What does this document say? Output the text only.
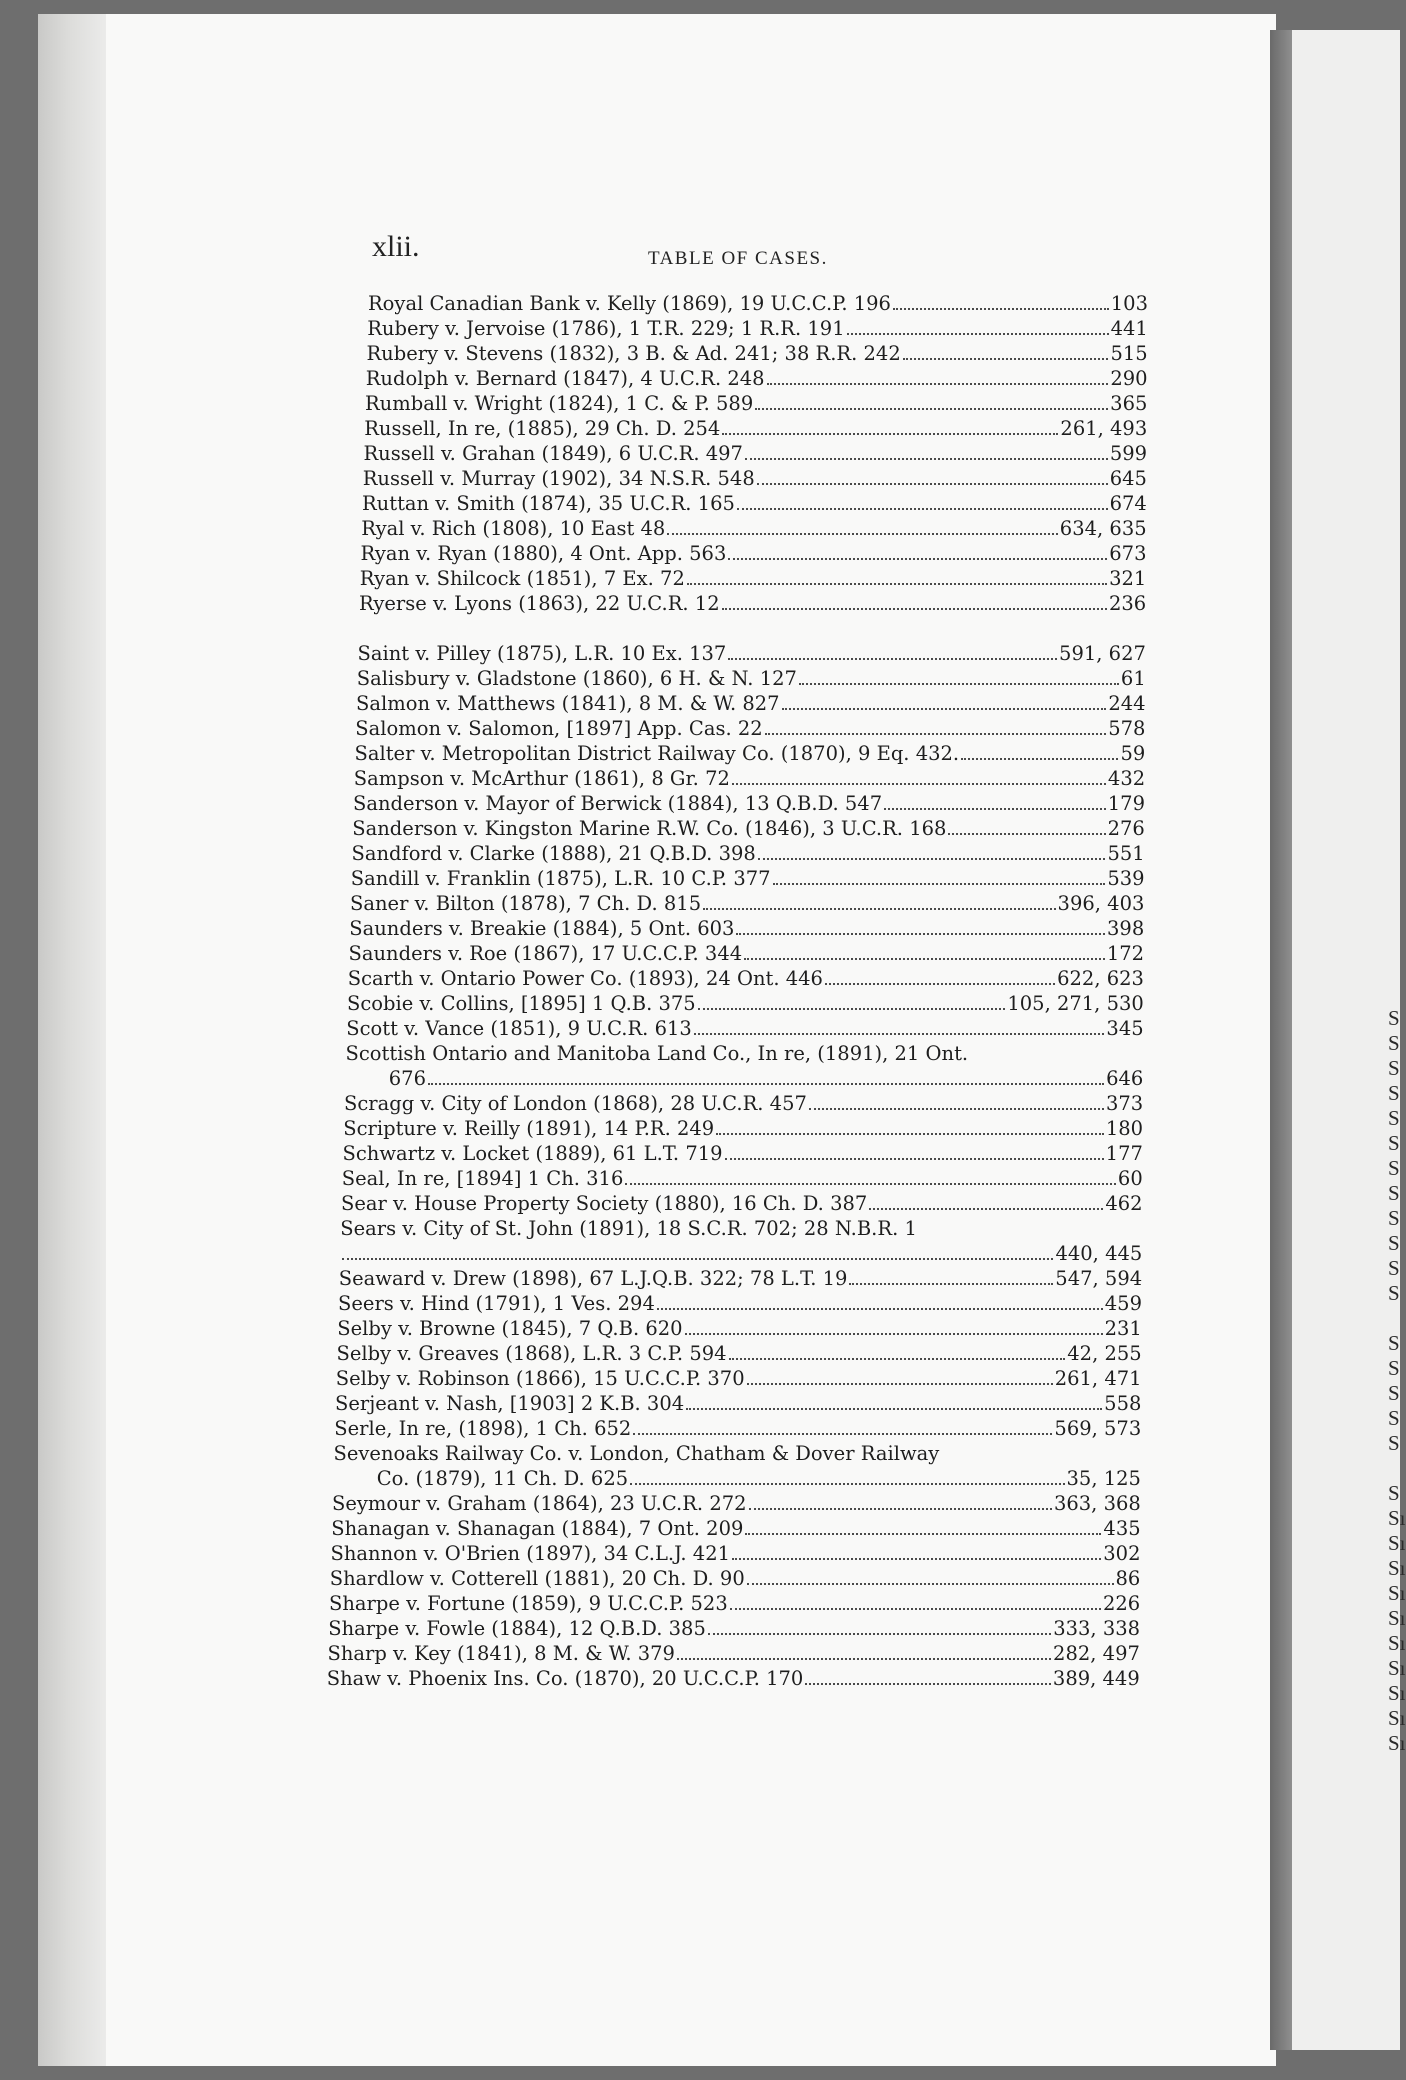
xlii.	TABLE OF CASES.
Royal Canadian Bank v. Kelly (1869), 19 U.C.C.P. 196	103
Rubery v. Jervoise (1786), 1 T.R. 229; 1 R.R. 191	441
Rubery v. Stevens (1832), 3 B. & Ad. 241; 38 R.R. 242	515
Rudolph v. Bernard (1847), 4 U.C.R. 248	290
Rumball v. Wright (1824), 1 C. & P. 589	365
Russell, In re, (1885), 29 Ch. D. 254	261, 493
Russell v. Grahan (1849), 6 U.C.R. 497	599
Russell v. Murray (1902), 34 N.S.R. 548	645
Ruttan v. Smith (1874), 35 U.C.R. 165	674
Ryal v. Rich (1808), 10 East 48	634, 635
Ryan v. Ryan (1880), 4 Ont. App. 563	673
Ryan v. Shilcock (1851), 7 Ex. 72	321
Ryerse v. Lyons (1863), 22 U.C.R. 12	236
Saint v. Pilley (1875), L.R. 10 Ex. 137	591, 627
Salisbury v. Gladstone (1860), 6 H. & N. 127	61
Salmon v. Matthews (1841), 8 M. & W. 827	244
Salomon v. Salomon, [1897] App. Cas. 22	578
Salter v. Metropolitan District Railway Co. (1870), 9 Eq. 432.	59
Sampson v. McArthur (1861), 8 Gr. 72	432
Sanderson v. Mayor of Berwick (1884), 13 Q.B.D. 547	179
Sanderson v. Kingston Marine R.W. Co. (1846), 3 U.C.R. 168	276
Sandford v. Clarke (1888), 21 Q.B.D. 398	551
Sandill v. Franklin (1875), L.R. 10 C.P. 377	539
Saner v. Bilton (1878), 7 Ch. D. 815	396, 403
Saunders v. Breakie (1884), 5 Ont. 603	398
Saunders v. Roe (1867), 17 U.C.C.P. 344	172
Scarth v. Ontario Power Co. (1893), 24 Ont. 446	622, 623
Scobie v. Collins, [1895] 1 Q.B. 375	105, 271, 530
Scott v. Vance (1851), 9 U.C.R. 613	345
Scottish Ontario and Manitoba Land Co., In re, (1891), 21 Ont.
676	646
Scragg v. City of London (1868), 28 U.C.R. 457	373
Scripture v. Reilly (1891), 14 P.R. 249	180
Schwartz v. Locket (1889), 61 L.T. 719	177
Seal, In re, [1894] 1 Ch. 316	60
Sear v. House Property Society (1880), 16 Ch. D. 387	462
Sears v. City of St. John (1891), 18 S.C.R. 702; 28 N.B.R. 1
440, 445
Seaward v. Drew (1898), 67 L.J.Q.B. 322; 78 L.T. 19	547, 594
Seers v. Hind (1791), 1 Ves. 294	459
Selby v. Browne (1845), 7 Q.B. 620	231
Selby v. Greaves (1868), L.R. 3 C.P. 594	42, 255
Selby v. Robinson (1866), 15 U.C.C.P. 370	261, 471
Serjeant v. Nash, [1903] 2 K.B. 304	558
Serle, In re, (1898), 1 Ch. 652	569, 573
Sevenoaks Railway Co. v. London, Chatham & Dover Railway
Co. (1879), 11 Ch. D. 625	35, 125
Seymour v. Graham (1864), 23 U.C.R. 272	363, 368
Shanagan v. Shanagan (1884), 7 Ont. 209	435
Shannon v. O'Brien (1897), 34 C.L.J. 421	302
Shardlow v. Cotterell (1881), 20 Ch. D. 90	86
Sharpe v. Fortune (1859), 9 U.C.C.P. 523	226
Sharpe v. Fowle (1884), 12 Q.B.D. 385	333, 338
Sharp v. Key (1841), 8 M. & W. 379	282, 497
Shaw v. Phoenix Ins. Co. (1870), 20 U.C.C.P. 170	389, 449
S
S
S
S
S
S
S
S
S
S
S
S
S
S
S
S
S
S
Sı
Sı
Sı
Sı
Sı
Sı
Sı
Sı
Sı
Sı
